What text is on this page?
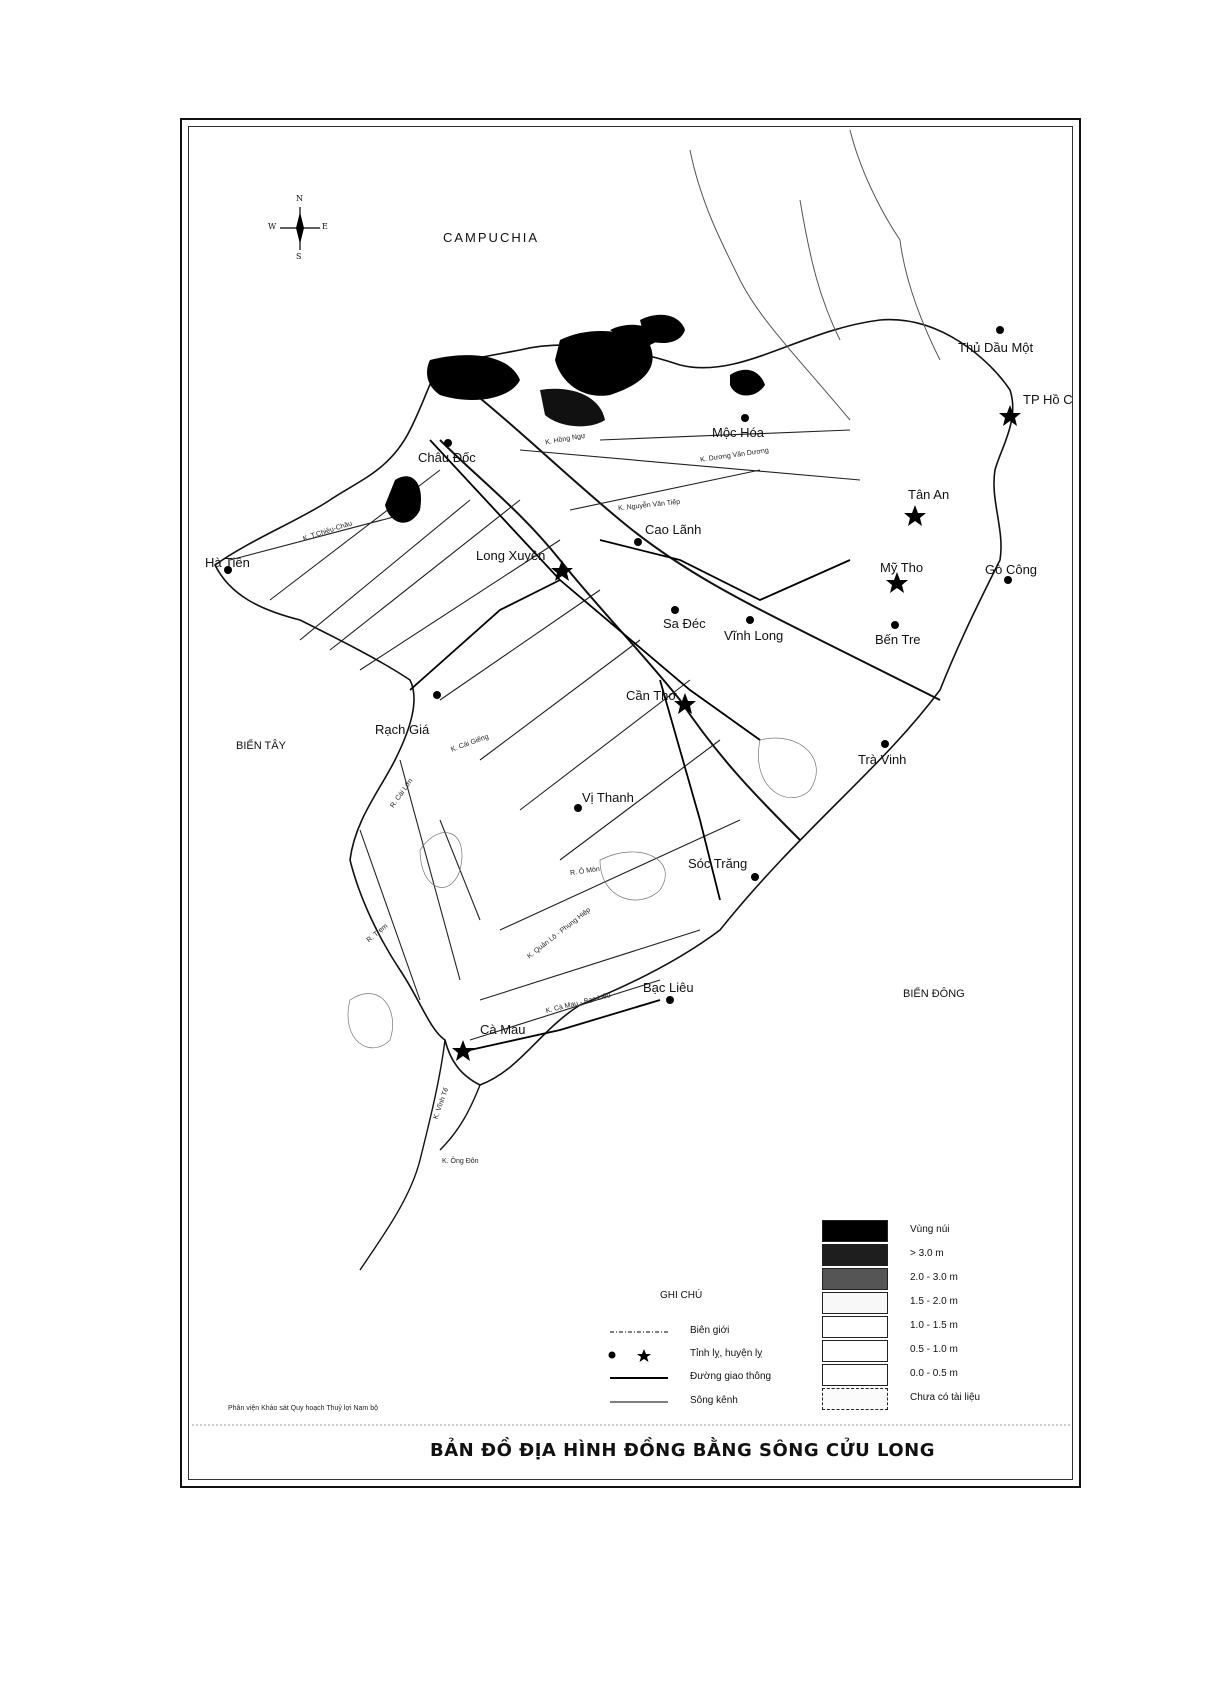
N
S
E
W
CAMPUCHIA
BIỂN TÂY
BIỂN ĐÔNG
Thủ Dầu Một
TP Hồ C
Mộc Hóa
Châu Đốc
Tân An
Cao Lãnh
Hà Tiên	Long Xuyên
Mỹ Tho	Gò Công
Sa Đéc
Vĩnh Long	Bến Tre
Cần Thơ
Rạch Giá
Trà Vinh
Vị Thanh
Sóc Trăng
Bạc Liêu
Cà Mau
K. Dương Văn Dương
K. Nguyễn Văn Tiếp
K. Hồng Ngự
K. T.Chiêu-Châu
K. Cà Mau - Bạc Liêu
K. Quản Lộ - Phụng Hiệp
K. Vĩnh Tế
K. Ông Đôn
R. Cái Lớn
R. Trẹm
K. Cái Giếng
R. Ô Môn
GHI CHÚ
Biên giới
Tỉnh lỵ, huyện lỵ
Đường giao thông
Sông kênh
Vùng núi
> 3.0 m
2.0 - 3.0 m
1.5 - 2.0 m
1.0 - 1.5 m
0.5 - 1.0 m
0.0 - 0.5 m
Chưa có tài liệu
Phân viện Khảo sát Quy hoạch Thuỷ lợi Nam bộ
BẢN ĐỒ ĐỊA HÌNH ĐỒNG BẰNG SÔNG CỬU LONG
